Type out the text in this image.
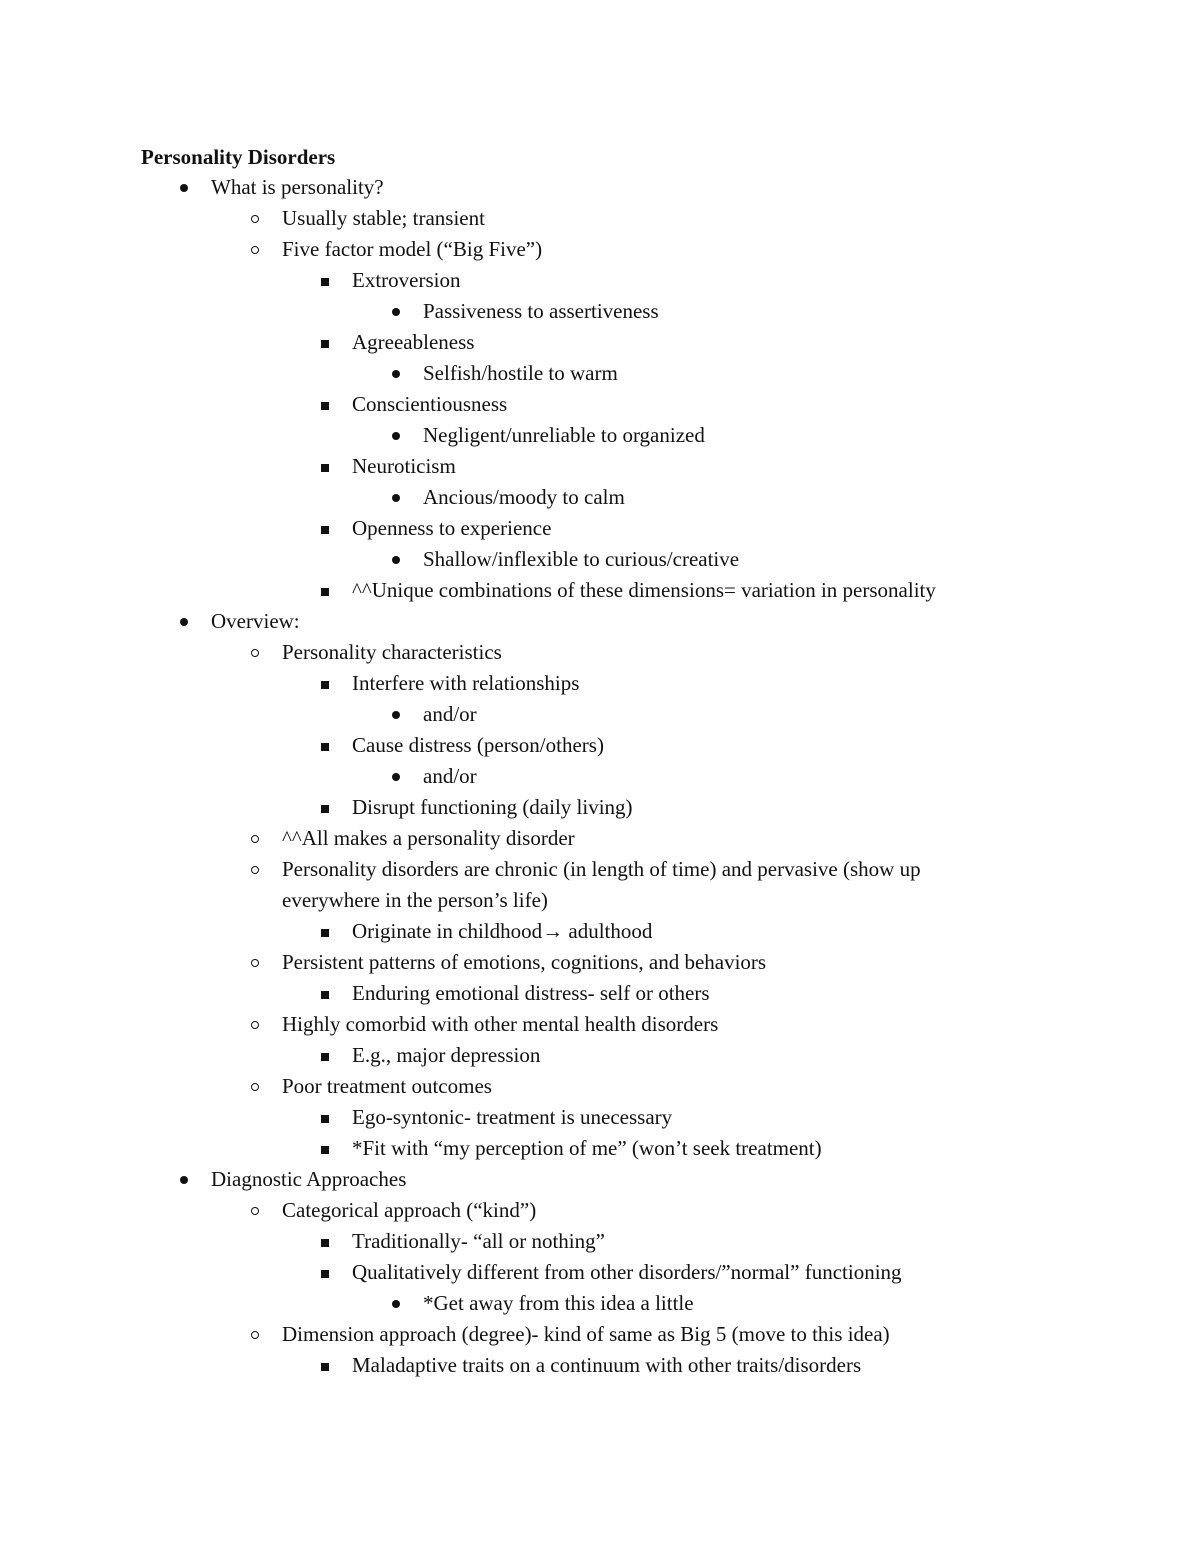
Personality Disorders
What is personality?
Usually stable; transient
Five factor model (“Big Five”)
Extroversion
Passiveness to assertiveness
Agreeableness
Selfish/hostile to warm
Conscientiousness
Negligent/unreliable to organized
Neuroticism
Ancious/moody to calm
Openness to experience
Shallow/inflexible to curious/creative
^^Unique combinations of these dimensions= variation in personality
Overview:
Personality characteristics
Interfere with relationships
and/or
Cause distress (person/others)
and/or
Disrupt functioning (daily living)
^^All makes a personality disorder
Personality disorders are chronic (in length of time) and pervasive (show up everywhere in the person’s life)
Originate in childhood→ adulthood
Persistent patterns of emotions, cognitions, and behaviors
Enduring emotional distress- self or others
Highly comorbid with other mental health disorders
E.g., major depression
Poor treatment outcomes
Ego-syntonic- treatment is unecessary
*Fit with “my perception of me” (won’t seek treatment)
Diagnostic Approaches
Categorical approach (“kind”)
Traditionally- “all or nothing”
Qualitatively different from other disorders/”normal” functioning
*Get away from this idea a little
Dimension approach (degree)- kind of same as Big 5 (move to this idea)
Maladaptive traits on a continuum with other traits/disorders
